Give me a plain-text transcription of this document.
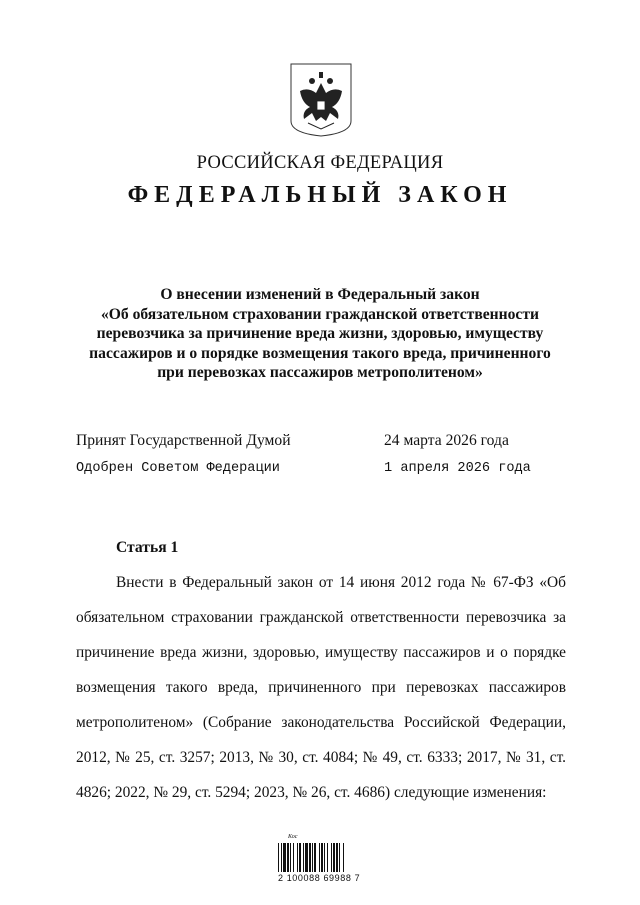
РОССИЙСКАЯ ФЕДЕРАЦИЯ
ФЕДЕРАЛЬНЫЙ ЗАКОН
О внесении изменений в Федеральный закон
«Об обязательном страховании гражданской ответственности
перевозчика за причинение вреда жизни, здоровью, имуществу
пассажиров и о порядке возмещения такого вреда, причиненного
при перевозках пассажиров метрополитеном»
Принят Государственной Думой	24 марта 2026 года
Одобрен Советом Федерации	1 апреля 2026 года
Статья 1

Внести в Федеральный закон от 14 июня 2012 года № 67-ФЗ «Об обязательном страховании гражданской ответственности перевозчика за причинение вреда жизни, здоровью, имуществу пассажиров и о порядке возмещения такого вреда, причиненного при перевозках пассажиров метрополитеном» (Собрание законодательства Российской Федерации, 2012, № 25, ст. 3257; 2013, № 30, ст. 4084; № 49, ст. 6333; 2017, № 31, ст. 4826; 2022, № 29, ст. 5294; 2023, № 26, ст. 4686) следующие изменения:

Кос
2 100088 69988 7
